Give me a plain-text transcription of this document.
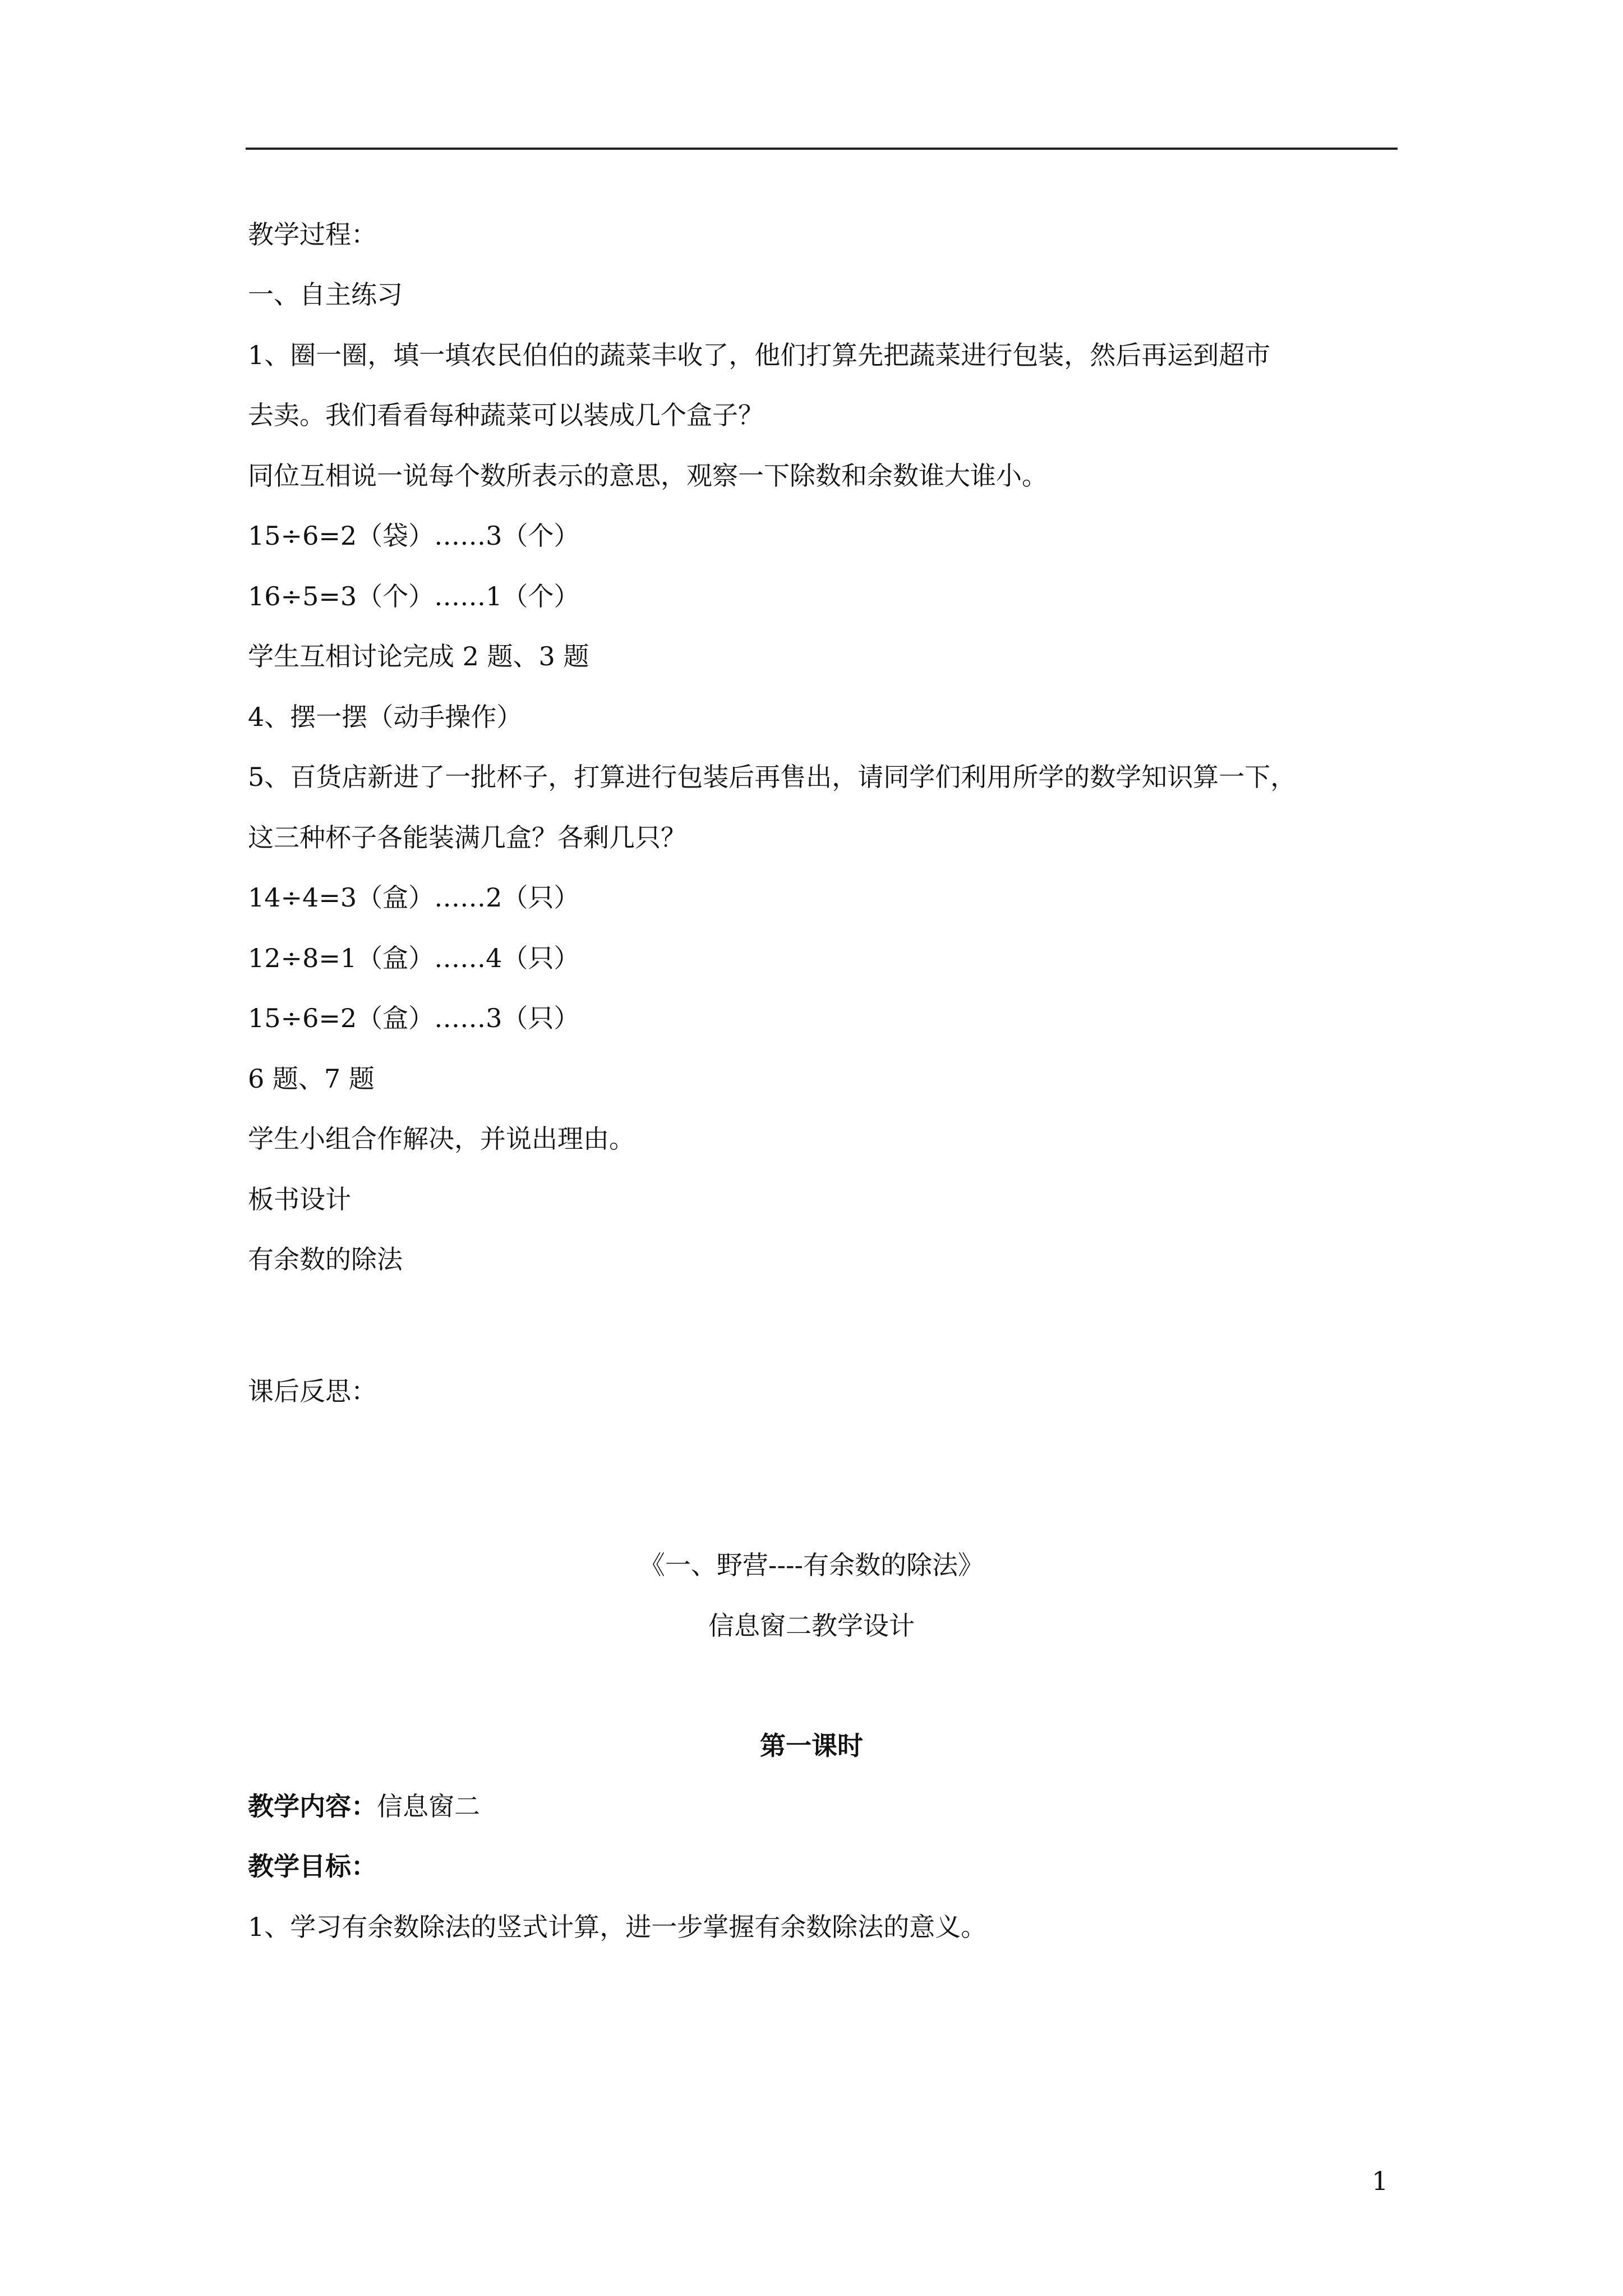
教学过程：
一、自主练习
1、圈一圈，填一填农民伯伯的蔬菜丰收了，他们打算先把蔬菜进行包装，然后再运到超市
去卖。我们看看每种蔬菜可以装成几个盒子？
同位互相说一说每个数所表示的意思，观察一下除数和余数谁大谁小。
15÷6=2（袋）……3（个）
16÷5=3（个）……1（个）
学生互相讨论完成 2 题、3 题
4、摆一摆（动手操作）
5、百货店新进了一批杯子，打算进行包装后再售出，请同学们利用所学的数学知识算一下，
这三种杯子各能装满几盒？各剩几只？
14÷4=3（盒）……2（只）
12÷8=1（盒）……4（只）
15÷6=2（盒）……3（只）
6 题、7 题
学生小组合作解决，并说出理由。
板书设计
有余数的除法
课后反思：
《一、野营----有余数的除法》
信息窗二教学设计
第一课时
教学内容：信息窗二
教学目标：
1、学习有余数除法的竖式计算，进一步掌握有余数除法的意义。
1
